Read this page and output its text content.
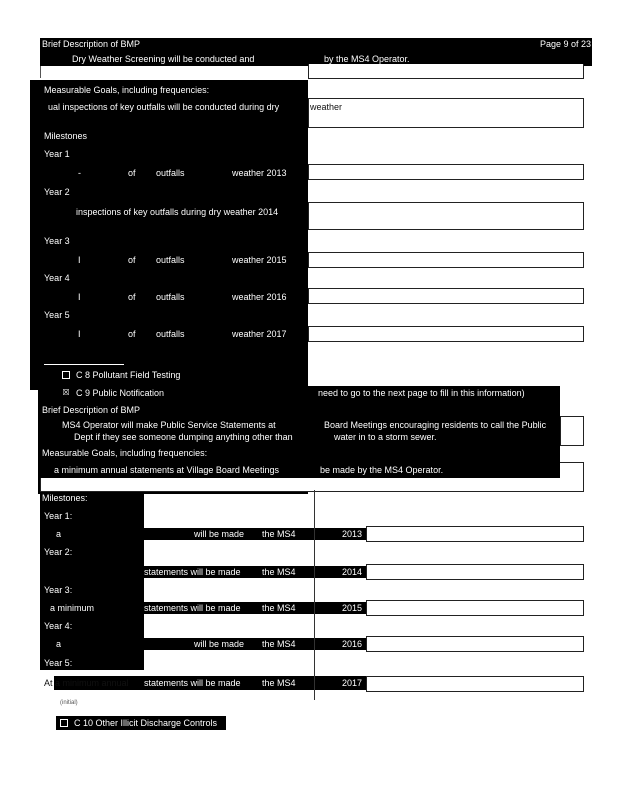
Brief Description of BMP	Page 9 of 23
Dry Weather Screening will be conducted and	by the MS4 Operator.
Measurable Goals, including frequencies:
ual inspections of key outfalls will be conducted during dry	weather
Milestones
Year 1
-	of outfalls	weather 2013
Year 2
inspections of key outfalls during dry weather 2014
Year 3
I	of outfalls	weather 2015
Year 4
I	of outfalls	weather 2016
Year 5
I	of outfalls	weather 2017
C 8 Pollutant Field Testing
☒ C 9 Public Notification	need to go to the next page to fill in this information)
Brief Description of BMP
MS4 Operator will make Public Service Statements at
Dept if they see someone dumping anything other than
Board Meetings encouraging residents to call the Public
water in to a storm sewer.
Measurable Goals, including frequencies:
a minimum annual statements at Village Board Meetings	be made by the MS4 Operator.
Milestones:
Year 1:
a	will be made the MS4	2013
Year 2:
statements will be made the MS4	2014
Year 3:
a minimum	statements will be made the MS4	2015
Year 4:
a	will be made the MS4	2016
Year 5:
At a minimum annual statements will be made the MS4	2017
(initial)
C 10 Other Illicit Discharge Controls
